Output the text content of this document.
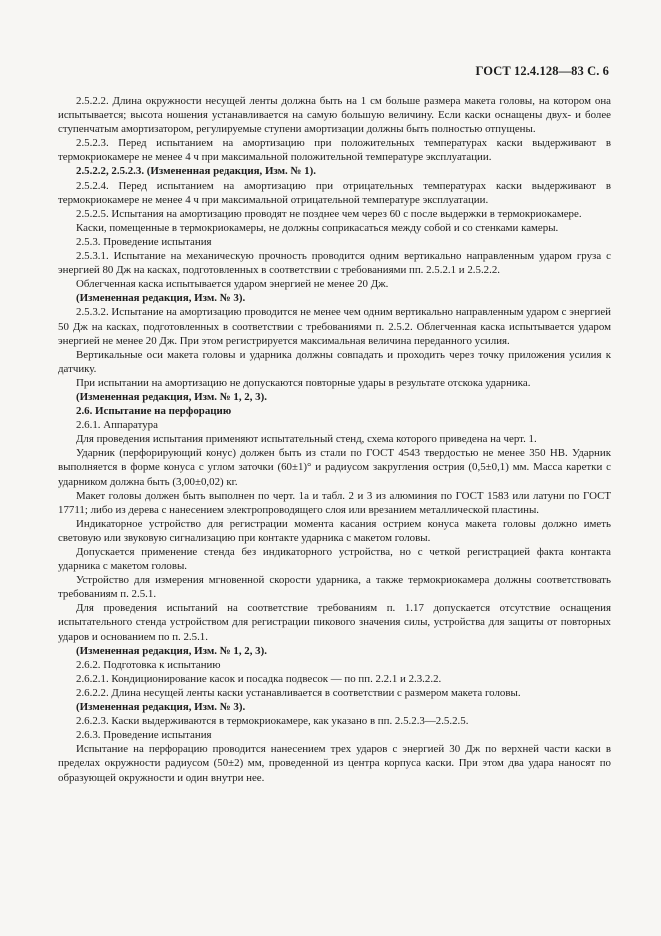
ГОСТ 12.4.128—83 С. 6

2.5.2.2. Длина окружности несущей ленты должна быть на 1 см больше размера макета головы, на котором она испытывается; высота ношения устанавливается на самую большую величину. Если каски оснащены двух- и более ступенчатым амортизатором, регулируемые ступени амортизации должны быть полностью отпущены.

2.5.2.3. Перед испытанием на амортизацию при положительных температурах каски выдерживают в термокриокамере не менее 4 ч при максимальной положительной температуре эксплуатации.

2.5.2.2, 2.5.2.3. (Измененная редакция, Изм. № 1).

2.5.2.4. Перед испытанием на амортизацию при отрицательных температурах каски выдерживают в термокриокамере не менее 4 ч при максимальной отрицательной температуре эксплуатации.

2.5.2.5. Испытания на амортизацию проводят не позднее чем через 60 с после выдержки в термокриокамере.

Каски, помещенные в термокриокамеры, не должны соприкасаться между собой и со стенками камеры.

2.5.3. Проведение испытания

2.5.3.1. Испытание на механическую прочность проводится одним вертикально направленным ударом груза с энергией 80 Дж на касках, подготовленных в соответствии с требованиями пп. 2.5.2.1 и 2.5.2.2.

Облегченная каска испытывается ударом энергией не менее 20 Дж.

(Измененная редакция, Изм. № 3).

2.5.3.2. Испытание на амортизацию проводится не менее чем одним вертикально направленным ударом с энергией 50 Дж на касках, подготовленных в соответствии с требованиями п. 2.5.2. Облегченная каска испытывается ударом энергией не менее 20 Дж. При этом регистрируется максимальная величина переданного усилия.

Вертикальные оси макета головы и ударника должны совпадать и проходить через точку приложения усилия к датчику.

При испытании на амортизацию не допускаются повторные удары в результате отскока ударника.

(Измененная редакция, Изм. № 1, 2, 3).

2.6. Испытание на перфорацию

2.6.1. Аппаратура

Для проведения испытания применяют испытательный стенд, схема которого приведена на черт. 1.

Ударник (перфорирующий конус) должен быть из стали по ГОСТ 4543 твердостью не менее 350 НВ. Ударник выполняется в форме конуса с углом заточки (60±1)° и радиусом закругления острия (0,5±0,1) мм. Масса каретки с ударником должна быть (3,00±0,02) кг.

Макет головы должен быть выполнен по черт. 1а и табл. 2 и 3 из алюминия по ГОСТ 1583 или латуни по ГОСТ 17711; либо из дерева с нанесением электропроводящего слоя или врезанием металлической пластины.

Индикаторное устройство для регистрации момента касания острием конуса макета головы должно иметь световую или звуковую сигнализацию при контакте ударника с макетом головы.

Допускается применение стенда без индикаторного устройства, но с четкой регистрацией факта контакта ударника с макетом головы.

Устройство для измерения мгновенной скорости ударника, а также термокриокамера должны соответствовать требованиям п. 2.5.1.

Для проведения испытаний на соответствие требованиям п. 1.17 допускается отсутствие оснащения испытательного стенда устройством для регистрации пикового значения силы, устройства для защиты от повторных ударов и основанием по п. 2.5.1.

(Измененная редакция, Изм. № 1, 2, 3).

2.6.2. Подготовка к испытанию

2.6.2.1. Кондиционирование касок и посадка подвесок — по пп. 2.2.1 и 2.3.2.2.

2.6.2.2. Длина несущей ленты каски устанавливается в соответствии с размером макета головы.

(Измененная редакция, Изм. № 3).

2.6.2.3. Каски выдерживаются в термокриокамере, как указано в пп. 2.5.2.3—2.5.2.5.

2.6.3. Проведение испытания

Испытание на перфорацию проводится нанесением трех ударов с энергией 30 Дж по верхней части каски в пределах окружности радиусом (50±2) мм, проведенной из центра корпуса каски. При этом два удара наносят по образующей окружности и один внутри нее.
